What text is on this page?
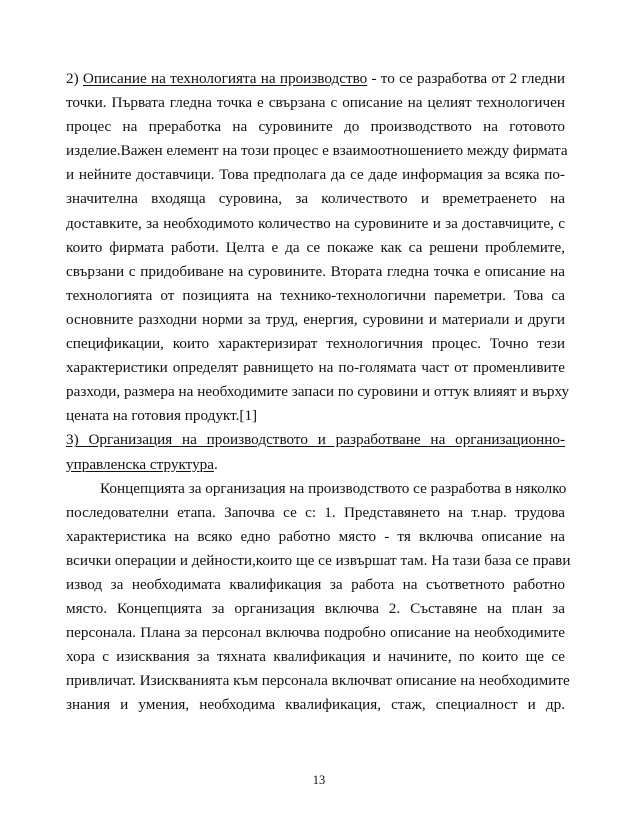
2) Описание на технологията на производство - то се разработва от 2 гледни
точки. Първата гледна точка е свързана с описание на целият технологичен
процес на преработка на суровините до производството на готовото
изделие.Важен елемент на този процес е взаимоотношението между фирмата
и нейните доставчици. Това предполага да се даде информация за всяка по-
значителна входяща суровина, за количеството и времетраенето на
доставките, за необходимото количество на суровините и за доставчиците, с
които фирмата работи. Целта е да се покаже как са решени проблемите,
свързани с придобиване на суровините. Втората гледна точка е описание на
технологията от позицията на технико-технологични пареметри. Това са
основните разходни норми за труд, енергия, суровини и материали и други
спецификации, които характеризират технологичния процес. Точно тези
характеристики определят равнището на по-голямата част от променливите
разходи, размера на необходимите запаси по суровини и оттук влияят и върху
цената на готовия продукт.[1]
3) Организация на производството и разработване на организационно-
управленска структура.
Концепцията за организация на производството се разработва в няколко
последователни етапа. Започва се с: 1. Представянето на т.нар. трудова
характеристика на всяко едно работно място - тя включва описание на
всички операции и дейности,които ще се извършат там. На тази база се прави
извод за необходимата квалификация за работа на съответното работно
място. Концепцията за организация включва 2. Съставяне на план за
персонала. Плана за персонал включва подробно описание на необходимите
хора с изисквания за тяхната квалификация и начините, по които ще се
привличат. Изискванията към персонала включват описание на необходимите
знания и умения, необходима квалификация, стаж, специалност и др.
13
